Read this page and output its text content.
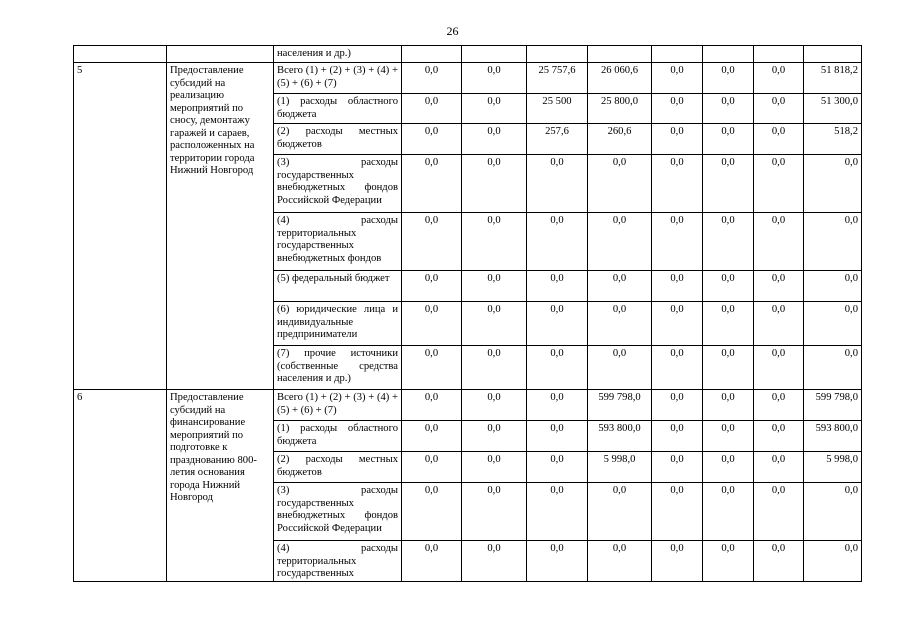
26
		населения и др.)								
5	Предоставление субсидий на реализацию мероприятий по сносу, демонтажу гаражей и сараев, расположенных на территории города Нижний Новгород	Всего (1) + (2) + (3) + (4) + (5) + (6) + (7)	0,0	0,0	25 757,6	26 060,6	0,0	0,0	0,0	51 818,2
		(1) расходы областного бюджета	0,0	0,0	25 500	25 800,0	0,0	0,0	0,0	51 300,0
		(2) расходы местных бюджетов	0,0	0,0	257,6	260,6	0,0	0,0	0,0	518,2
		(3) расходы государственных внебюджетных фондов Российской Федерации	0,0	0,0	0,0	0,0	0,0	0,0	0,0	0,0
		(4) расходы территориальных государственных внебюджетных фондов	0,0	0,0	0,0	0,0	0,0	0,0	0,0	0,0
		(5) федеральный бюджет	0,0	0,0	0,0	0,0	0,0	0,0	0,0	0,0
		(6) юридические лица и индивидуальные предприниматели	0,0	0,0	0,0	0,0	0,0	0,0	0,0	0,0
		(7) прочие источники (собственные средства населения и др.)	0,0	0,0	0,0	0,0	0,0	0,0	0,0	0,0
6	Предоставление субсидий на финансирование мероприятий по подготовке к празднованию 800-летия основания города Нижний Новгород	Всего (1) + (2) + (3) + (4) + (5) + (6) + (7)	0,0	0,0	0,0	599 798,0	0,0	0,0	0,0	599 798,0
		(1) расходы областного бюджета	0,0	0,0	0,0	593 800,0	0,0	0,0	0,0	593 800,0
		(2) расходы местных бюджетов	0,0	0,0	0,0	5 998,0	0,0	0,0	0,0	5 998,0
		(3) расходы государственных внебюджетных фондов Российской Федерации	0,0	0,0	0,0	0,0	0,0	0,0	0,0	0,0
		(4) расходы территориальных государственных	0,0	0,0	0,0	0,0	0,0	0,0	0,0	0,0
